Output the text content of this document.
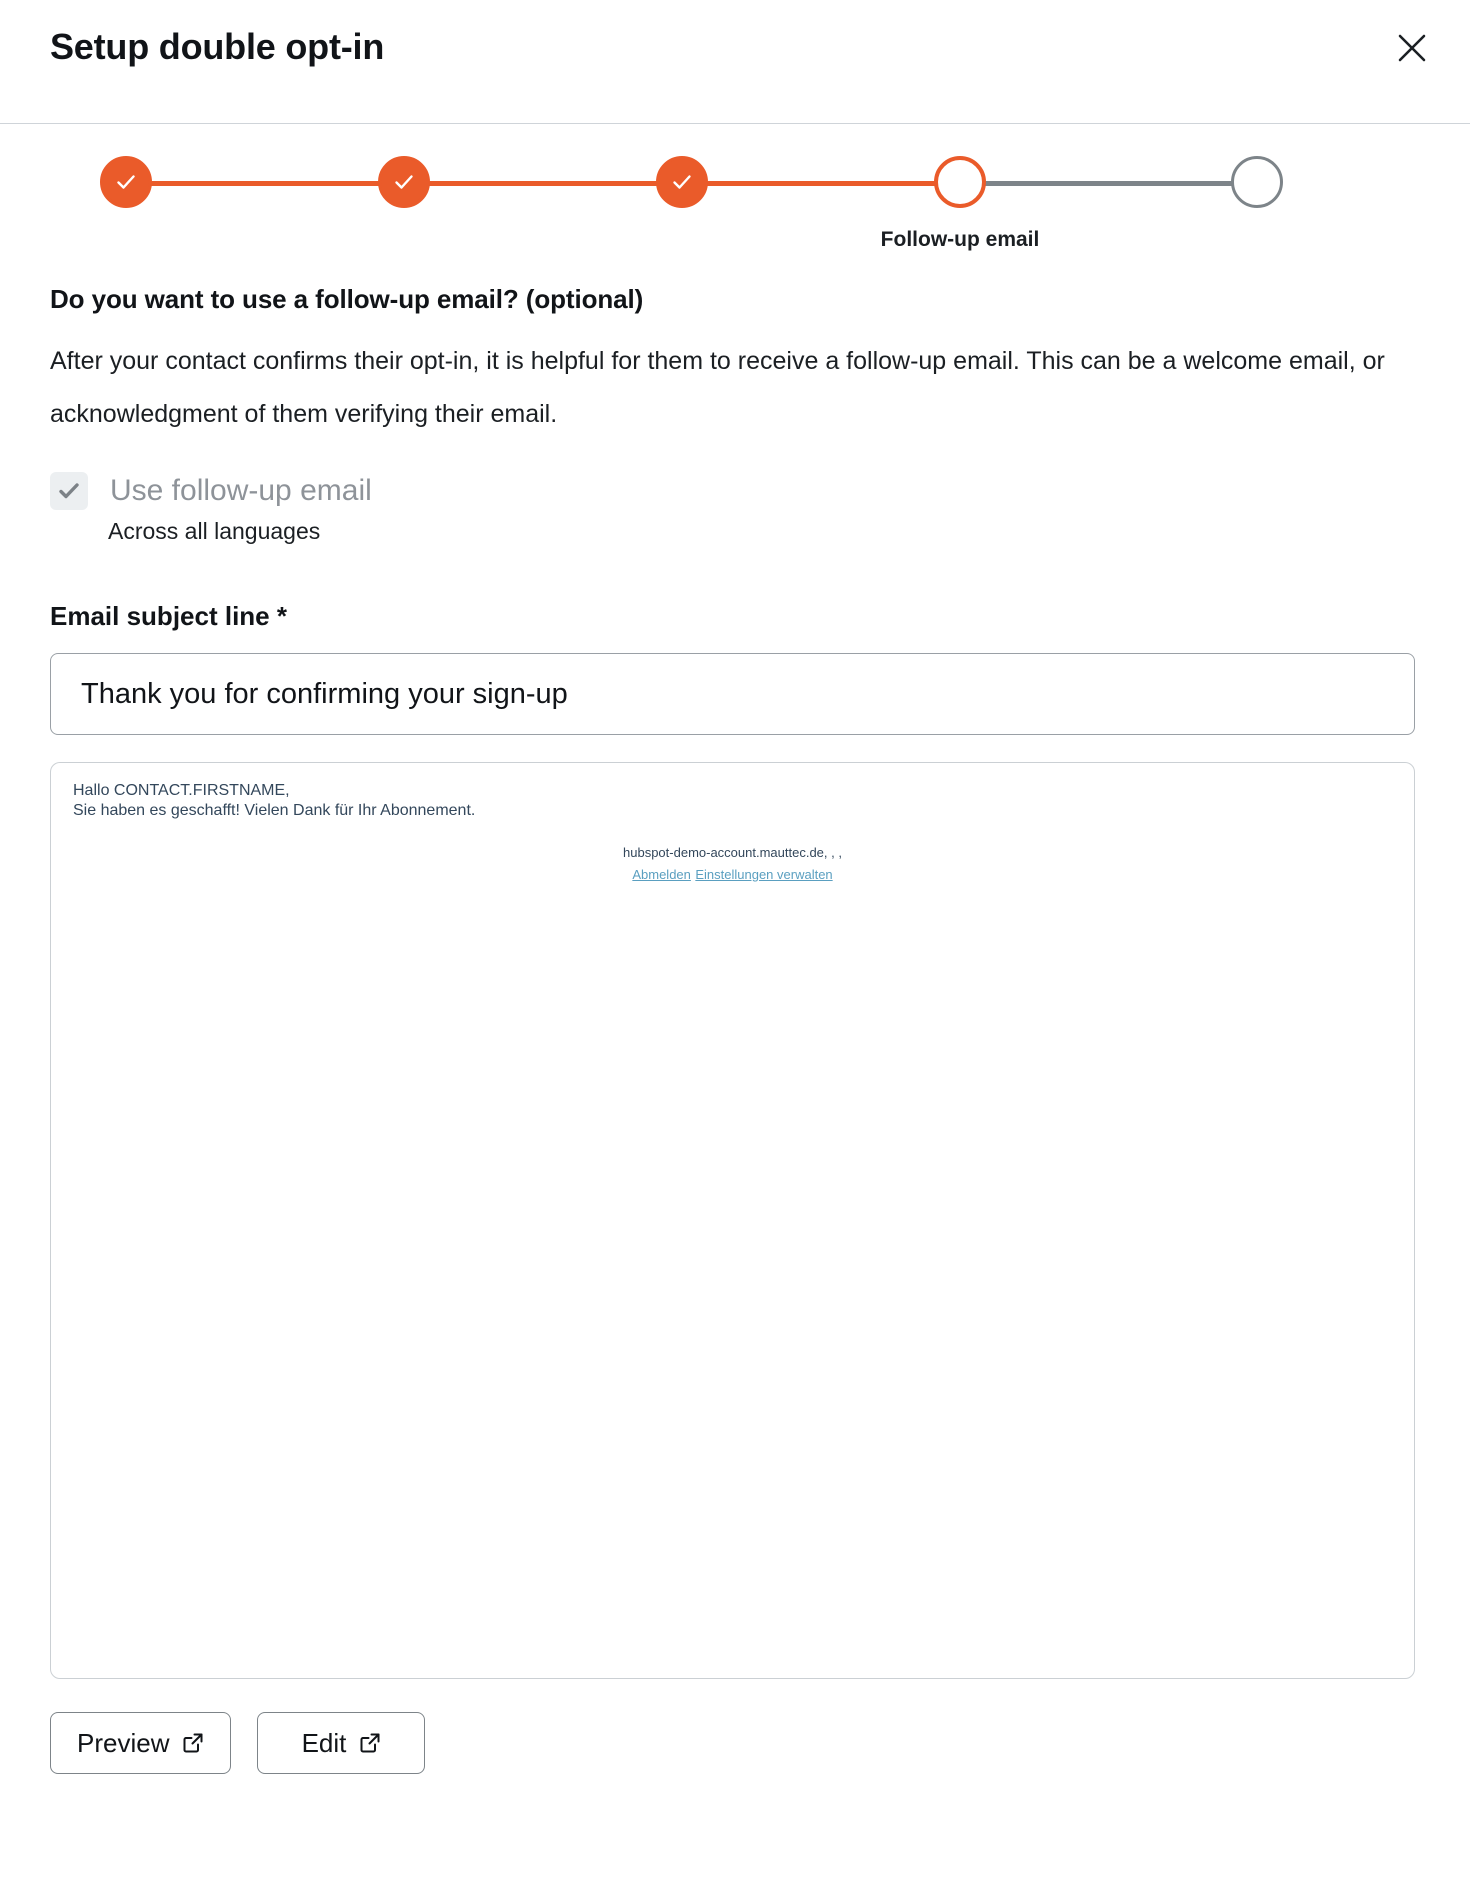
Setup double opt-in
Follow-up email
Do you want to use a follow-up email? (optional)

After your contact confirms their opt-in, it is helpful for them to receive a follow-up email. This can be a welcome email, or acknowledgment of them verifying their email.

Use follow-up email
Across all languages
Email subject line *
Thank you for confirming your sign-up
Hallo CONTACT.FIRSTNAME,
Sie haben es geschafft! Vielen Dank für Ihr Abonnement.
hubspot-demo-account.mauttec.de, , ,
Abmelden Einstellungen verwalten
Preview	Edit
